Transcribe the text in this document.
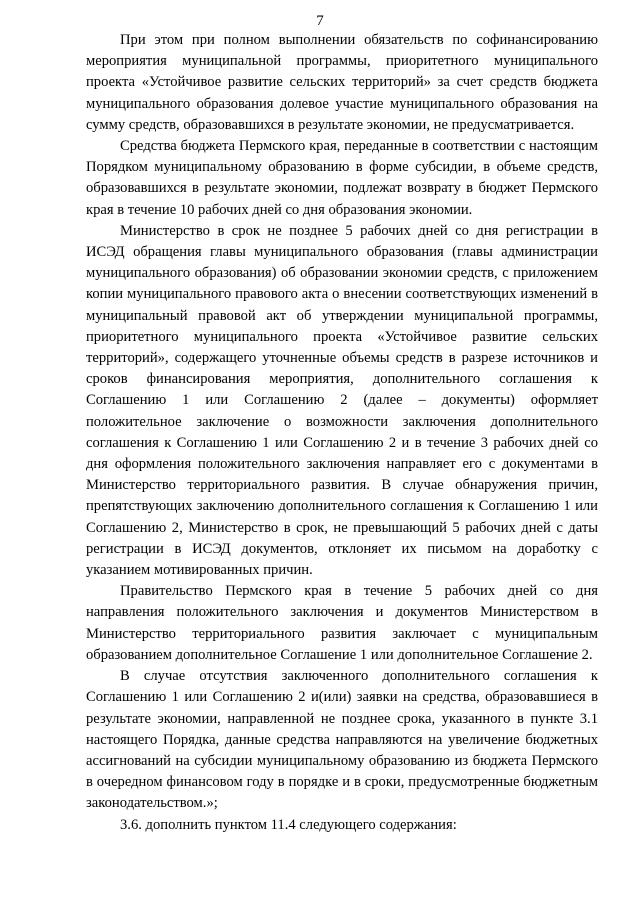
7

При этом при полном выполнении обязательств по софинансированию мероприятия муниципальной программы, приоритетного муниципального проекта «Устойчивое развитие сельских территорий» за счет средств бюджета муниципального образования долевое участие муниципального образования на сумму средств, образовавшихся в результате экономии, не предусматривается.

Средства бюджета Пермского края, переданные в соответствии с настоящим Порядком муниципальному образованию в форме субсидии, в объеме средств, образовавшихся в результате экономии, подлежат возврату в бюджет Пермского края в течение 10 рабочих дней со дня образования экономии.

Министерство в срок не позднее 5 рабочих дней со дня регистрации в ИСЭД обращения главы муниципального образования (главы администрации муниципального образования) об образовании экономии средств, с приложением копии муниципального правового акта о внесении соответствующих изменений в муниципальный правовой акт об утверждении муниципальной программы, приоритетного муниципального проекта «Устойчивое развитие сельских территорий», содержащего уточненные объемы средств в разрезе источников и сроков финансирования мероприятия, дополнительного соглашения к Соглашению 1 или Соглашению 2 (далее – документы) оформляет положительное заключение о возможности заключения дополнительного соглашения к Соглашению 1 или Соглашению 2 и в течение 3 рабочих дней со дня оформления положительного заключения направляет его с документами в Министерство территориального развития. В случае обнаружения причин, препятствующих заключению дополнительного соглашения к Соглашению 1 или Соглашению 2, Министерство в срок, не превышающий 5 рабочих дней с даты регистрации в ИСЭД документов, отклоняет их письмом на доработку с указанием мотивированных причин.

Правительство Пермского края в течение 5 рабочих дней со дня направления положительного заключения и документов Министерством в Министерство территориального развития заключает с муниципальным образованием дополнительное Соглашение 1 или дополнительное Соглашение 2.

В случае отсутствия заключенного дополнительного соглашения к Соглашению 1 или Соглашению 2 и(или) заявки на средства, образовавшиеся в результате экономии, направленной не позднее срока, указанного в пункте 3.1 настоящего Порядка, данные средства направляются на увеличение бюджетных ассигнований на субсидии муниципальному образованию из бюджета Пермского в очередном финансовом году в порядке и в сроки, предусмотренные бюджетным законодательством.»;

3.6. дополнить пунктом 11.4 следующего содержания:
